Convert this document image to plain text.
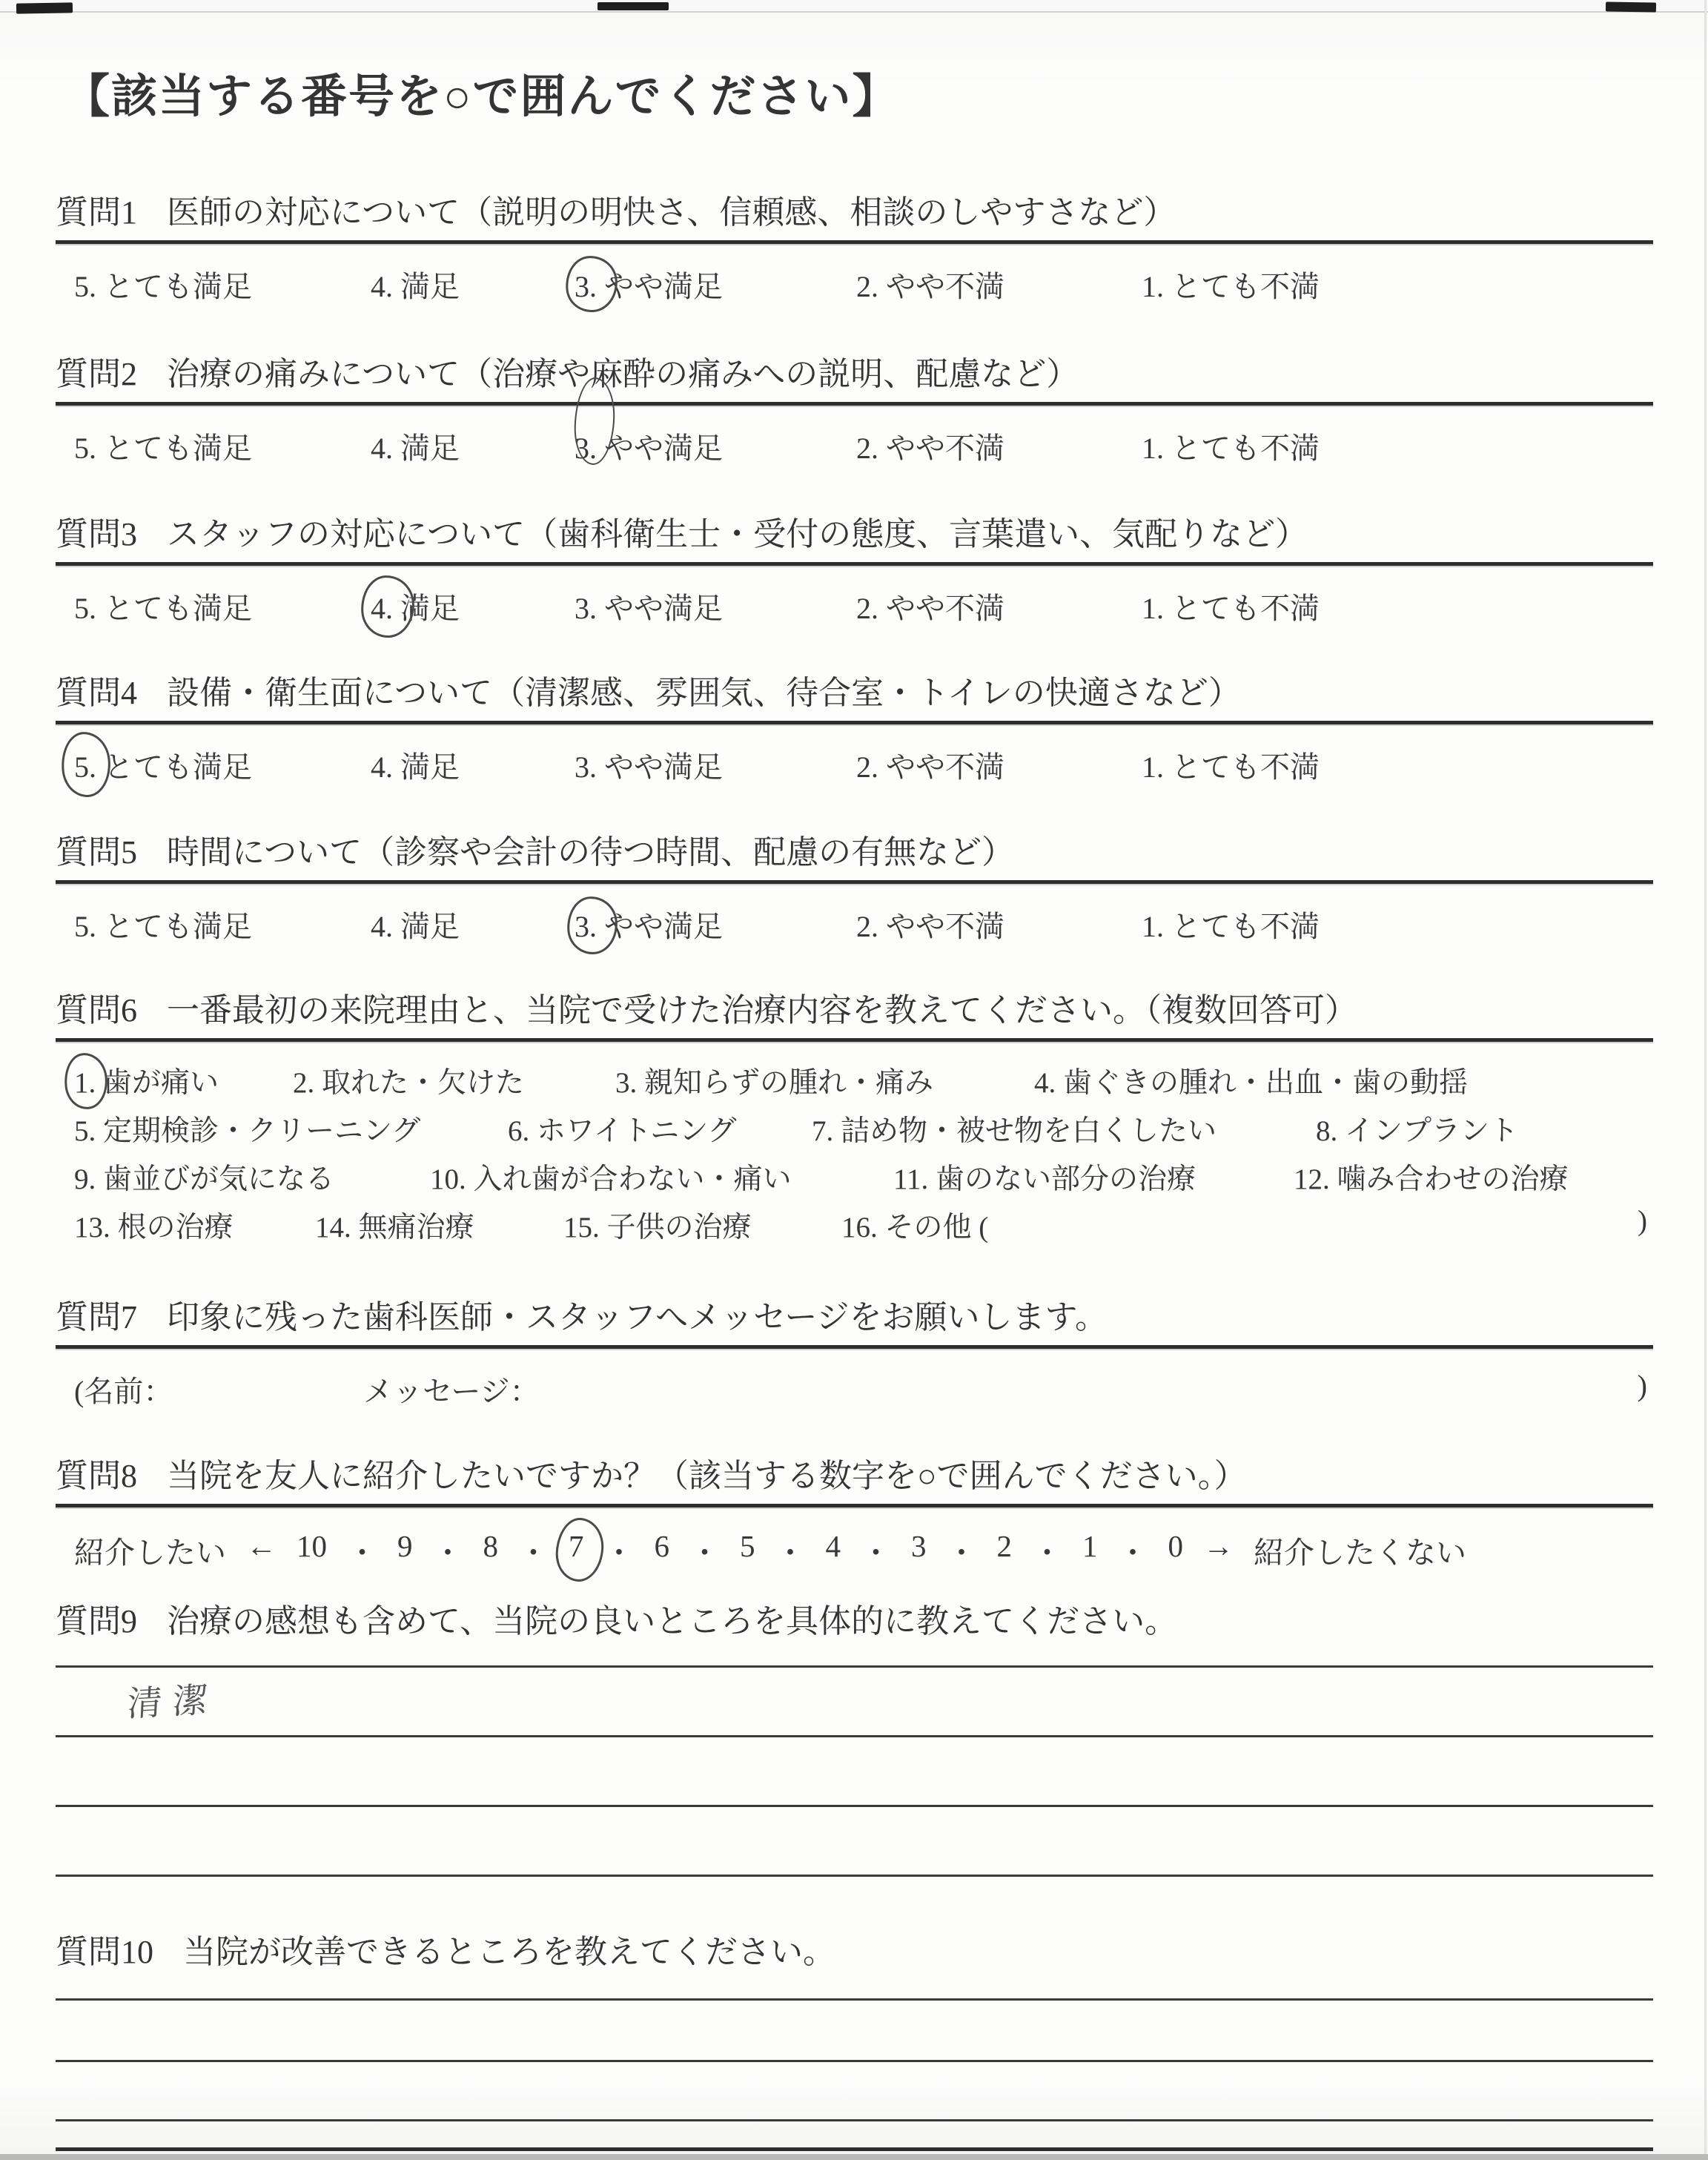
【該当する番号を○で囲んでください】
質問1 医師の対応について（説明の明快さ、信頼感、相談のしやすさなど）
5. とても満足	4. 満足	3. やや満足	2. やや不満	1. とても不満
質問2 治療の痛みについて（治療や麻酔の痛みへの説明、配慮など）
5. とても満足	4. 満足	3. やや満足	2. やや不満	1. とても不満
質問3 スタッフの対応について（歯科衛生士・受付の態度、言葉遣い、気配りなど）
5. とても満足	4. 満足	3. やや満足	2. やや不満	1. とても不満
質問4 設備・衛生面について（清潔感、雰囲気、待合室・トイレの快適さなど）
5. とても満足	4. 満足	3. やや満足	2. やや不満	1. とても不満
質問5 時間について（診察や会計の待つ時間、配慮の有無など）
5. とても満足	4. 満足	3. やや満足	2. やや不満	1. とても不満
質問6 一番最初の来院理由と、当院で受けた治療内容を教えてください。（複数回答可）
1. 歯が痛い	2. 取れた・欠けた	3. 親知らずの腫れ・痛み	4. 歯ぐきの腫れ・出血・歯の動揺
5. 定期検診・クリーニング	6. ホワイトニング	7. 詰め物・被せ物を白くしたい	8. インプラント
9. 歯並びが気になる	10. 入れ歯が合わない・痛い	11. 歯のない部分の治療	12. 噛み合わせの治療
13. 根の治療	14. 無痛治療	15. 子供の治療	16. その他 (	)
質問7 印象に残った歯科医師・スタッフへメッセージをお願いします。
(名前：	メッセージ：	)
質問8 当院を友人に紹介したいですか？（該当する数字を○で囲んでください。）
紹介したい ← 10 ・ 9 ・ 8 ・ 7 ・ 6 ・ 5 ・ 4 ・ 3 ・ 2 ・ 1 ・ 0 → 紹介したくない
質問9 治療の感想も含めて、当院の良いところを具体的に教えてください。
清潔
質問10 当院が改善できるところを教えてください。
